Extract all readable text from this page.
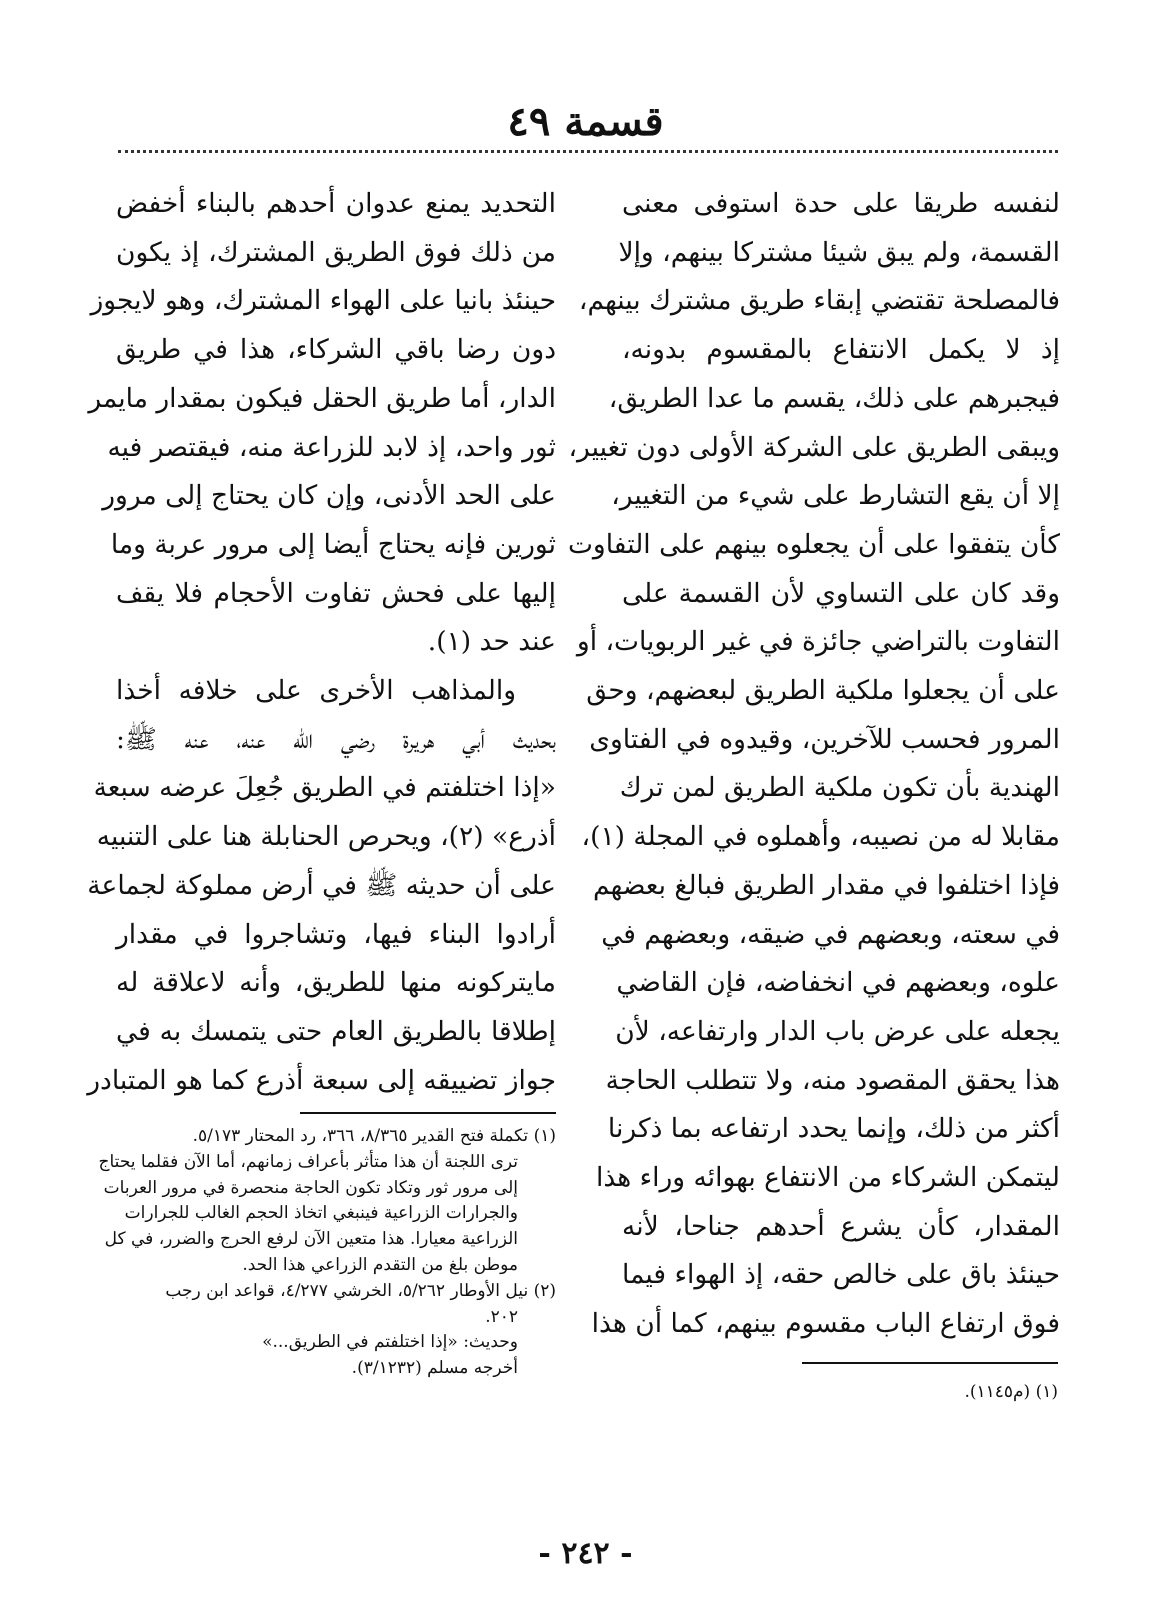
قسمة ٤٩
لنفسه طريقا على حدة استوفى معنى
القسمة، ولم يبق شيئا مشتركا بينهم، وإلا
فالمصلحة تقتضي إبقاء طريق مشترك بينهم،
إذ لا يكمل الانتفاع بالمقسوم بدونه،
فيجبرهم على ذلك، يقسم ما عدا الطريق،
ويبقى الطريق على الشركة الأولى دون تغيير،
إلا أن يقع التشارط على شيء من التغيير،
كأن يتفقوا على أن يجعلوه بينهم على التفاوت
وقد كان على التساوي لأن القسمة على
التفاوت بالتراضي جائزة في غير الربويات، أو
على أن يجعلوا ملكية الطريق لبعضهم، وحق
المرور فحسب للآخرين، وقيدوه في الفتاوى
الهندية بأن تكون ملكية الطريق لمن ترك
مقابلا له من نصيبه، وأهملوه في المجلة (١)،
فإذا اختلفوا في مقدار الطريق فبالغ بعضهم
في سعته، وبعضهم في ضيقه، وبعضهم في
علوه، وبعضهم في انخفاضه، فإن القاضي
يجعله على عرض باب الدار وارتفاعه، لأن
هذا يحقق المقصود منه، ولا تتطلب الحاجة
أكثر من ذلك، وإنما يحدد ارتفاعه بما ذكرنا
ليتمكن الشركاء من الانتفاع بهوائه وراء هذا
المقدار، كأن يشرع أحدهم جناحا، لأنه
حينئذ باق على خالص حقه، إذ الهواء فيما
فوق ارتفاع الباب مقسوم بينهم، كما أن هذا
التحديد يمنع عدوان أحدهم بالبناء أخفض
من ذلك فوق الطريق المشترك، إذ يكون
حينئذ بانيا على الهواء المشترك، وهو لايجوز
دون رضا باقي الشركاء، هذا في طريق
الدار، أما طريق الحقل فيكون بمقدار مايمر
ثور واحد، إذ لابد للزراعة منه، فيقتصر فيه
على الحد الأدنى، وإن كان يحتاج إلى مرور
ثورين فإنه يحتاج أيضا إلى مرور عربة وما
إليها على فحش تفاوت الأحجام فلا يقف
عند حد (١).
والمذاهب الأخرى على خلافه أخذا
بحديث أبي هريرة رضي الله عنه، عنه ﷺ:
«إذا اختلفتم في الطريق جُعِلَ عرضه سبعة
أذرع» (٢)، ويحرص الحنابلة هنا على التنبيه
على أن حديثه ﷺ في أرض مملوكة لجماعة
أرادوا البناء فيها، وتشاجروا في مقدار
مايتركونه منها للطريق، وأنه لاعلاقة له
إطلاقا بالطريق العام حتى يتمسك به في
جواز تضييقه إلى سبعة أذرع كما هو المتبادر
(١) تكملة فتح القدير ٨/٣٦٥، ٣٦٦، رد المحتار ٥/١٧٣.
ترى اللجنة أن هذا متأثر بأعراف زمانهم، أما الآن فقلما يحتاج
إلى مرور ثور وتكاد تكون الحاجة منحصرة في مرور العربات
والجرارات الزراعية فينبغي اتخاذ الحجم الغالب للجرارات
الزراعية معيارا. هذا متعين الآن لرفع الحرج والضرر، في كل
موطن بلغ من التقدم الزراعي هذا الحد.
(٢) نيل الأوطار ٥/٢٦٢، الخرشي ٤/٢٧٧، قواعد ابن رجب
٢٠٢.
وحديث: «إذا اختلفتم في الطريق...»
أخرجه مسلم (٣/١٢٣٢).
(١) (م١١٤٥).
- ٢٤٢ -
